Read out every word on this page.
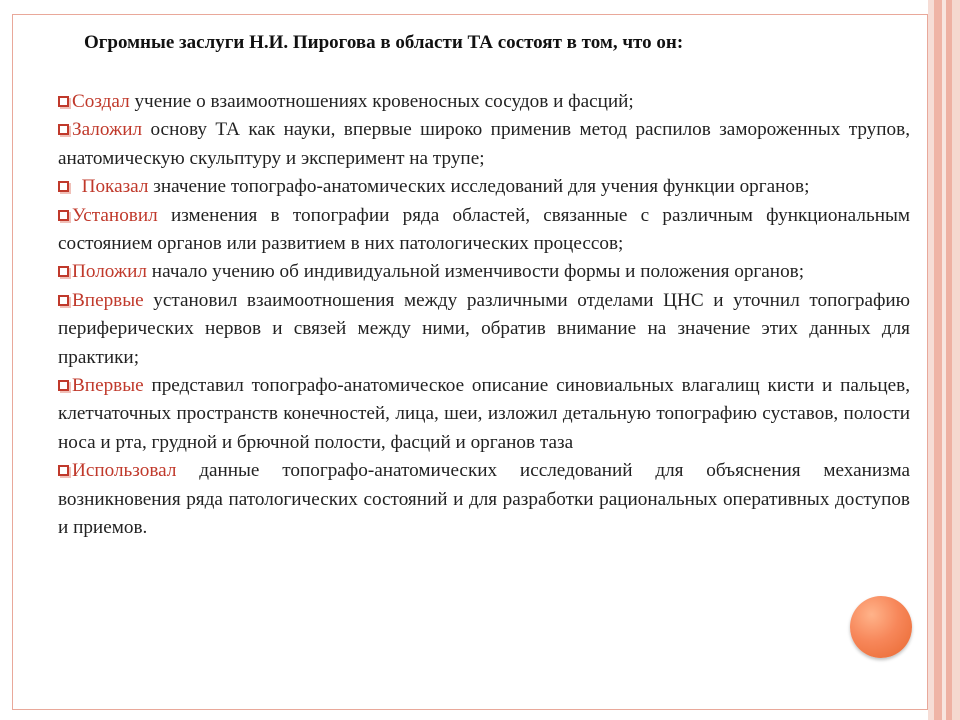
Огромные заслуги Н.И. Пирогова в области ТА состоят в том, что он:

Создал учение о взаимоотношениях кровеносных сосудов и фасций;

Заложил основу ТА как науки, впервые широко применив метод распилов замороженных трупов, анатомическую скульптуру и эксперимент на трупе;

Показал значение топографо-анатомических исследований для учения функции органов;

Установил изменения в топографии ряда областей, связанные с различным функциональным состоянием органов или развитием в них патологических процессов;

Положил начало учению об индивидуальной изменчивости формы и положения органов;

Впервые установил взаимоотношения между различными отделами ЦНС и уточнил топографию периферических нервов и связей между ними, обратив внимание на значение этих данных для практики;

Впервые представил топографо-анатомическое описание синовиальных влагалищ кисти и пальцев, клетчаточных пространств конечностей, лица, шеи, изложил детальную топографию суставов, полости носа и рта, грудной и брючной полости, фасций и органов таза

Использовал данные топографо-анатомических исследований для объяснения механизма возникновения ряда патологических состояний и для разработки рациональных оперативных доступов и приемов.
